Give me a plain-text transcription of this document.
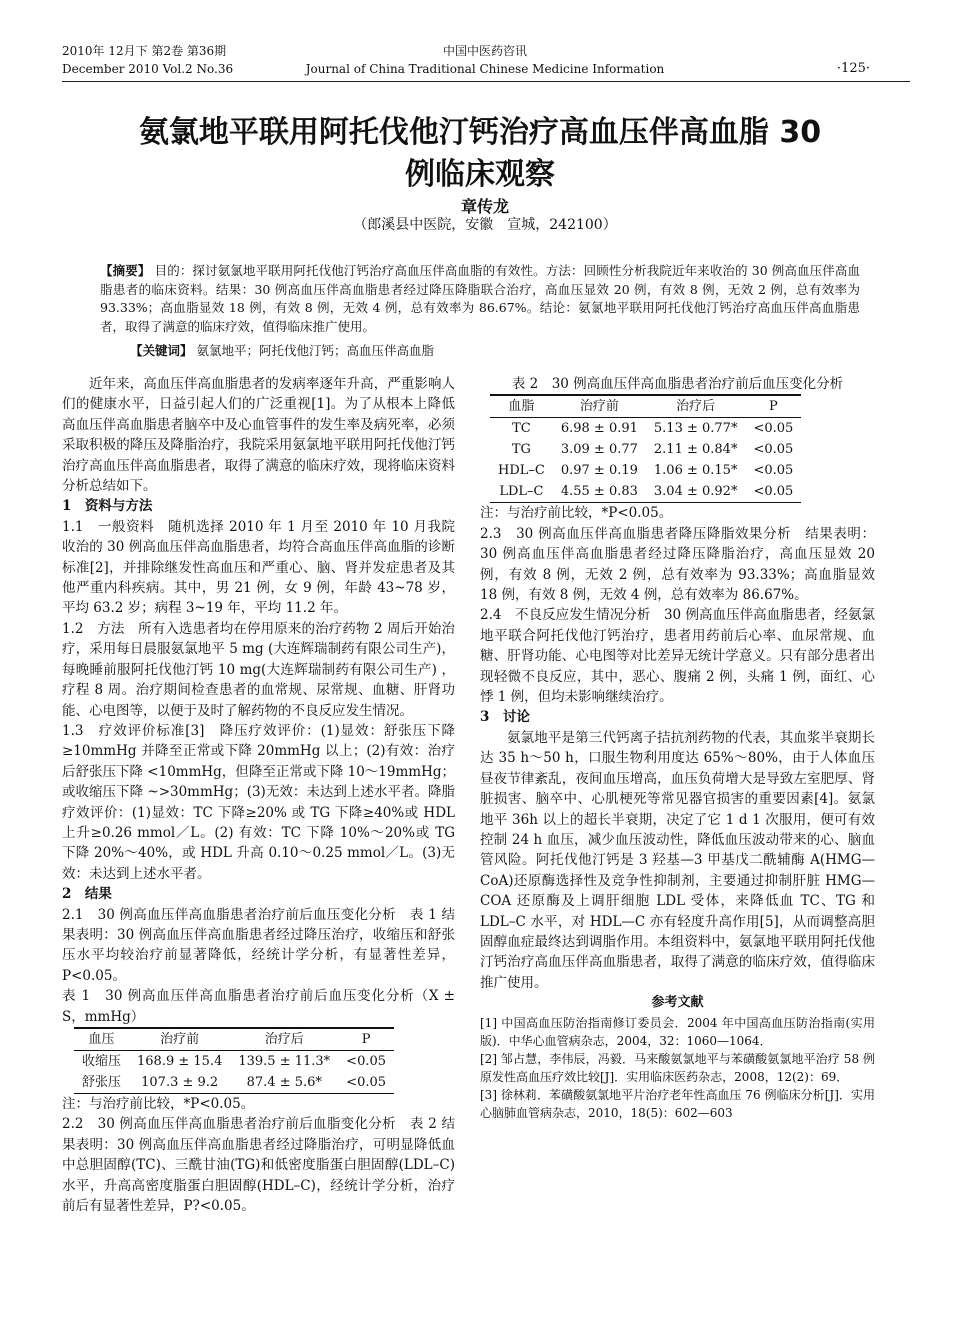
2010年 12月下 第2卷 第36期
December 2010 Vol.2 No.36
中国中医药咨讯
Journal of China Traditional Chinese Medicine Information	·125·
氨氯地平联用阿托伐他汀钙治疗高血压伴高血脂 30 例临床观察
章传龙
（郎溪县中医院，安徽　宣城，242100）
【摘要】 目的：探讨氨氯地平联用阿托伐他汀钙治疗高血压伴高血脂的有效性。方法：回顾性分析我院近年来收治的 30 例高血压伴高血脂患者的临床资料。结果：30 例高血压伴高血脂患者经过降压降脂联合治疗，高血压显效 20 例，有效 8 例，无效 2 例，总有效率为 93.33%；高血脂显效 18 例，有效 8 例，无效 4 例，总有效率为 86.67%。结论：氨氯地平联用阿托伐他汀钙治疗高血压伴高血脂患者，取得了满意的临床疗效，值得临床推广使用。
【关键词】 氨氯地平；阿托伐他汀钙；高血压伴高血脂

近年来，高血压伴高血脂患者的发病率逐年升高，严重影响人们的健康水平，日益引起人们的广泛重视[1]。为了从根本上降低高血压伴高血脂患者脑卒中及心血管事件的发生率及病死率，必须采取积极的降压及降脂治疗，我院采用氨氯地平联用阿托伐他汀钙治疗高血压伴高血脂患者，取得了满意的临床疗效，现将临床资料分析总结如下。

1　资料与方法

1.1　一般资料　随机选择 2010 年 1 月至 2010 年 10 月我院收治的 30 例高血压伴高血脂患者，均符合高血压伴高血脂的诊断标准[2]，并排除继发性高血压和严重心、脑、肾并发症患者及其他严重内科疾病。其中，男 21 例，女 9 例，年龄 43~78 岁，平均 63.2 岁；病程 3~19 年，平均 11.2 年。

1.2　方法　所有入选患者均在停用原来的治疗药物 2 周后开始治疗，采用每日晨服氨氯地平 5 mg (大连辉瑞制药有限公司生产)，每晚睡前服阿托伐他汀钙 10 mg(大连辉瑞制药有限公司生产) ，疗程 8 周。治疗期间检查患者的血常规、尿常规、血糖、肝肾功能、心电图等，以便于及时了解药物的不良反应发生情况。

1.3　疗效评价标准[3]　降压疗效评价：(1)显效：舒张压下降≥10mmHg 并降至正常或下降 20mmHg 以上；(2)有效：治疗后舒张压下降 <10mmHg，但降至正常或下降 10～19mmHg；或收缩压下降 ~>30mmHg；(3)无效：未达到上述水平者。降脂疗效评价：(1)显效：TC 下降≥20% 或 TG 下降≥40%或 HDL 上升≥0.26 mmol／L。(2) 有效：TC 下降 10%～20%或 TG 下降 20%～40%，或 HDL 升高 0.10～0.25 mmol／L。(3)无效：未达到上述水平者。

2　结果

2.1　30 例高血压伴高血脂患者治疗前后血压变化分析　表 1 结果表明：30 例高血压伴高血脂患者经过降压治疗，收缩压和舒张压水平均较治疗前显著降低，经统计学分析，有显著性差异，P<0.05。

表 1　30 例高血压伴高血脂患者治疗前后血压变化分析（X ± S，mmHg）

血压	治疗前	治疗后	P
收缩压	168.9 ± 15.4	139.5 ± 11.3*	<0.05
舒张压	107.3 ± 9.2	87.4 ± 5.6*	<0.05

注：与治疗前比较，*P<0.05。

2.2　30 例高血压伴高血脂患者治疗前后血脂变化分析　表 2 结果表明：30 例高血压伴高血脂患者经过降脂治疗，可明显降低血中总胆固醇(TC)、三酰甘油(TG)和低密度脂蛋白胆固醇(LDL–C)水平，升高高密度脂蛋白胆固醇(HDL–C)，经统计学分析，治疗前后有显著性差异，P?<0.05。

表 2　30 例高血压伴高血脂患者治疗前后血压变化分析

血脂	治疗前	治疗后	P
TC	6.98 ± 0.91	5.13 ± 0.77*	<0.05
TG	3.09 ± 0.77	2.11 ± 0.84*	<0.05
HDL–C	0.97 ± 0.19	1.06 ± 0.15*	<0.05
LDL–C	4.55 ± 0.83	3.04 ± 0.92*	<0.05

注：与治疗前比较，*P<0.05。

2.3　30 例高血压伴高血脂患者降压降脂效果分析　结果表明：30 例高血压伴高血脂患者经过降压降脂治疗，高血压显效 20 例，有效 8 例，无效 2 例，总有效率为 93.33%；高血脂显效 18 例，有效 8 例，无效 4 例，总有效率为 86.67%。

2.4　不良反应发生情况分析　30 例高血压伴高血脂患者，经氨氯地平联合阿托伐他汀钙治疗，患者用药前后心率、血尿常规、血糖、肝肾功能、心电图等对比差异无统计学意义。只有部分患者出现轻微不良反应，其中，恶心、腹痛 2 例，头痛 1 例，面红、心悸 1 例，但均未影响继续治疗。

3　讨论

氨氯地平是第三代钙离子拮抗剂药物的代表，其血浆半衰期长达 35 h～50 h，口服生物利用度达 65%～80%，由于人体血压昼夜节律紊乱，夜间血压增高，血压负荷增大是导致左室肥厚、肾脏损害、脑卒中、心肌梗死等常见器官损害的重要因素[4]。氨氯地平 36h 以上的超长半衰期，决定了它 1 d 1 次服用，便可有效控制 24 h 血压，减少血压波动性，降低血压波动带来的心、脑血管风险。阿托伐他汀钙是 3 羟基—3 甲基戊二酰辅酶 A(HMG—CoA)还原酶选择性及竞争性抑制剂，主要通过抑制肝脏 HMG—COA 还原酶及上调肝细胞 LDL 受体，来降低血 TC、TG 和 LDL–C 水平，对 HDL—C 亦有轻度升高作用[5]，从而调整高胆固醇血症最终达到调脂作用。本组资料中，氨氯地平联用阿托伐他汀钙治疗高血压伴高血脂患者，取得了满意的临床疗效，值得临床推广使用。

参考文献

[1] 中国高血压防治指南修订委员会．2004 年中国高血压防治指南(实用版)．中华心血管病杂志，2004，32：1060—1064．

[2] 邹占慧，李伟辰，冯毅．马来酸氨氯地平与苯磺酸氨氯地平治疗 58 例原发性高血压疗效比较[J]．实用临床医药杂志，2008，12(2)：69．

[3] 徐林莉．苯磺酸氨氯地平片治疗老年性高血压 76 例临床分析[J]．实用心脑肺血管病杂志，2010，18(5)：602—603
